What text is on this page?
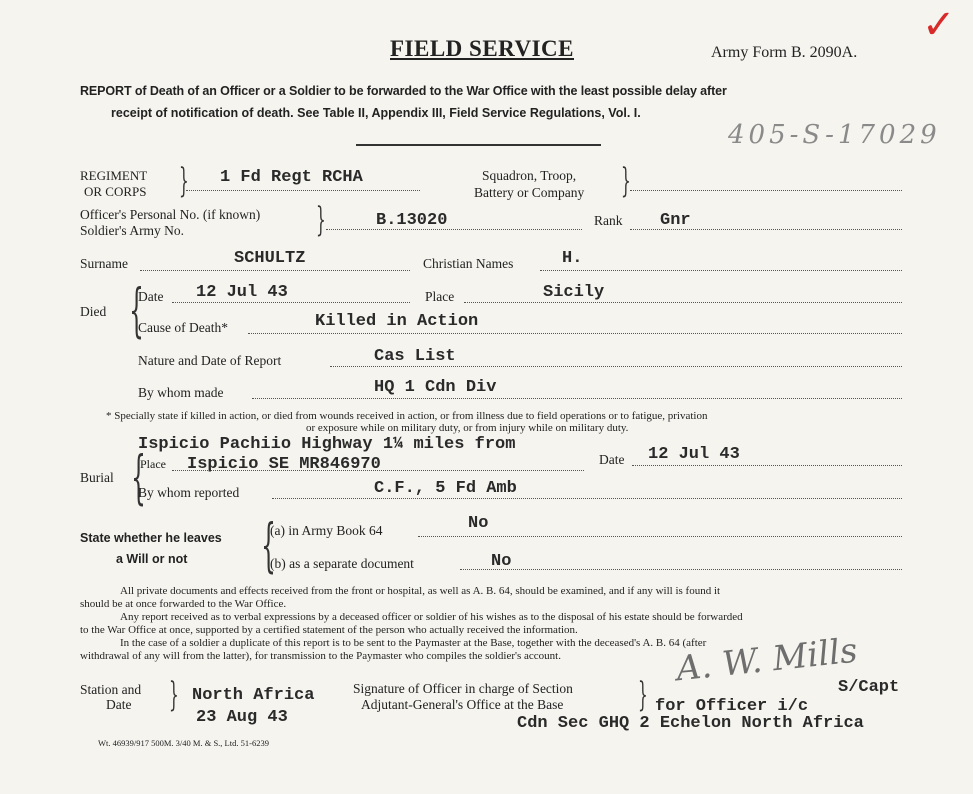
FIELD SERVICE	Army Form B. 2090A.
✓
REPORT of Death of an Officer or a Soldier to be forwarded to the War Office with the least possible delay after
receipt of notification of death. See Table II, Appendix III, Field Service Regulations, Vol. I.
405-S-17029
REGIMENT
OR CORPS } 1 Fd Regt RCHA	Squadron, Troop,
Battery or Company }
Officer's Personal No. (if known)
Soldier's Army No.	}	B.13020	Rank Gnr
Surname	SCHULTZ	Christian Names	H.
Died {
Date 12 Jul 43	Place	Sicily
Cause of Death*	Killed in Action
Nature and Date of Report	Cas List
By whom made	HQ 1 Cdn Div
* Specially state if killed in action, or died from wounds received in action, or from illness due to field operations or to fatigue, privation
or exposure while on military duty, or from injury while on military duty.
Ispicio Pachiio Highway 1¼ miles from
Burial {
Place Ispicio SE MR846970	Date 12 Jul 43
By whom reported	C.F., 5 Fd Amb
State whether he leaves
a Will or not {
(a) in Army Book 64	No
(b) as a separate document	No
All private documents and effects received from the front or hospital, as well as A. B. 64, should be examined, and if any will is found it
should be at once forwarded to the War Office.
Any report received as to verbal expressions by a deceased officer or soldier of his wishes as to the disposal of his estate should be forwarded
to the War Office at once, supported by a certified statement of the person who actually received the information.
In the case of a soldier a duplicate of this report is to be sent to the Paymaster at the Base, together with the deceased's A. B. 64 (after
withdrawal of any will from the latter), for transmission to the Paymaster who compiles the soldier's account.
Station and
Date } North Africa
23 Aug 43
Signature of Officer in charge of Section
Adjutant-General's Office at the Base }
A. W. Mills
S/Capt
for Officer i/c
Cdn Sec GHQ 2 Echelon North Africa
Wt. 46939/917 500M. 3/40 M. & S., Ltd. 51-6239
